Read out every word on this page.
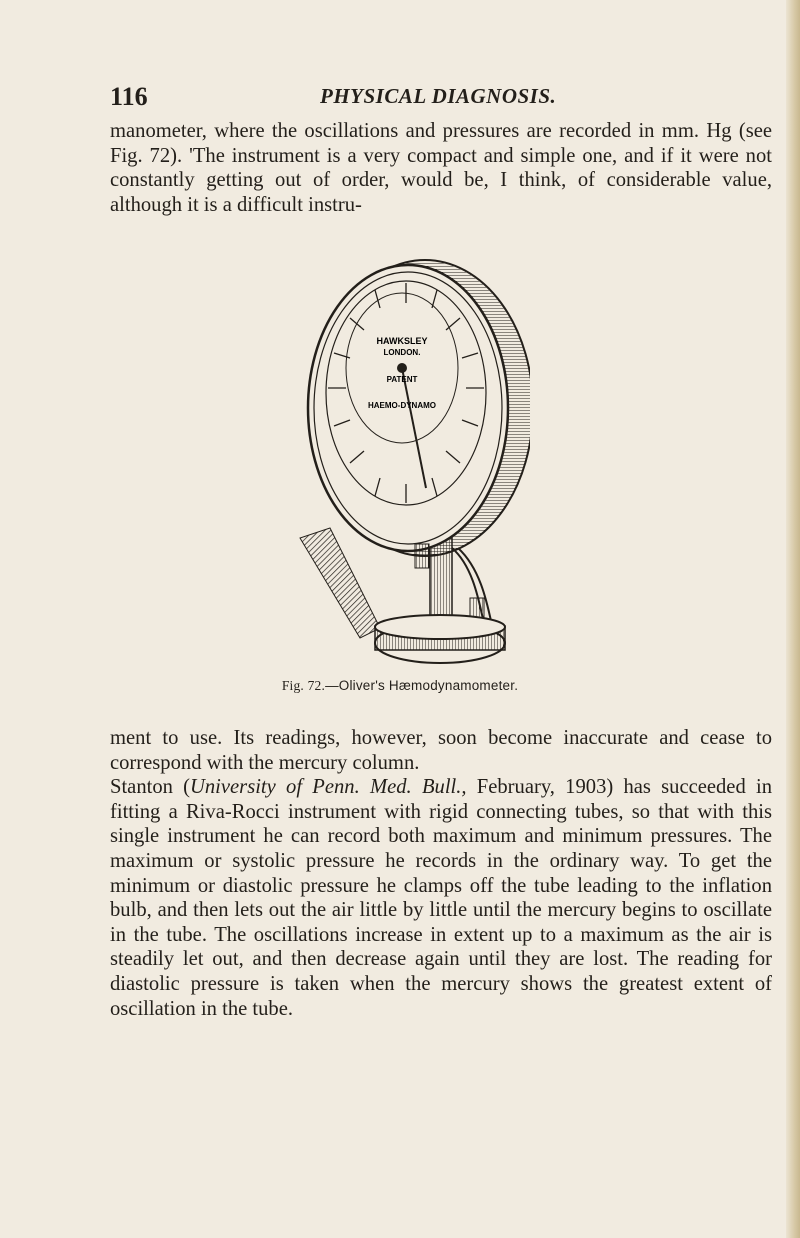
116	PHYSICAL DIAGNOSIS.

manometer, where the oscillations and pressures are recorded in mm. Hg (see Fig. 72). 'The instrument is a very compact and simple one, and if it were not constantly getting out of order, would be, I think, of considerable value, although it is a difficult instru-

HAWKSLEY
LONDON.
PATENT
HAEMO-DYNAMO
Fig. 72.—Oliver's Hæmodynamometer.

ment to use. Its readings, however, soon become inaccurate and cease to correspond with the mercury column.
Stanton (University of Penn. Med. Bull., February, 1903) has succeeded in fitting a Riva-Rocci instrument with rigid connecting tubes, so that with this single instrument he can record both maximum and minimum pressures. The maximum or systolic pressure he records in the ordinary way. To get the minimum or diastolic pressure he clamps off the tube leading to the inflation bulb, and then lets out the air little by little until the mercury begins to oscillate in the tube. The oscillations increase in extent up to a maximum as the air is steadily let out, and then decrease again until they are lost. The reading for diastolic pressure is taken when the mercury shows the greatest extent of oscillation in the tube.
